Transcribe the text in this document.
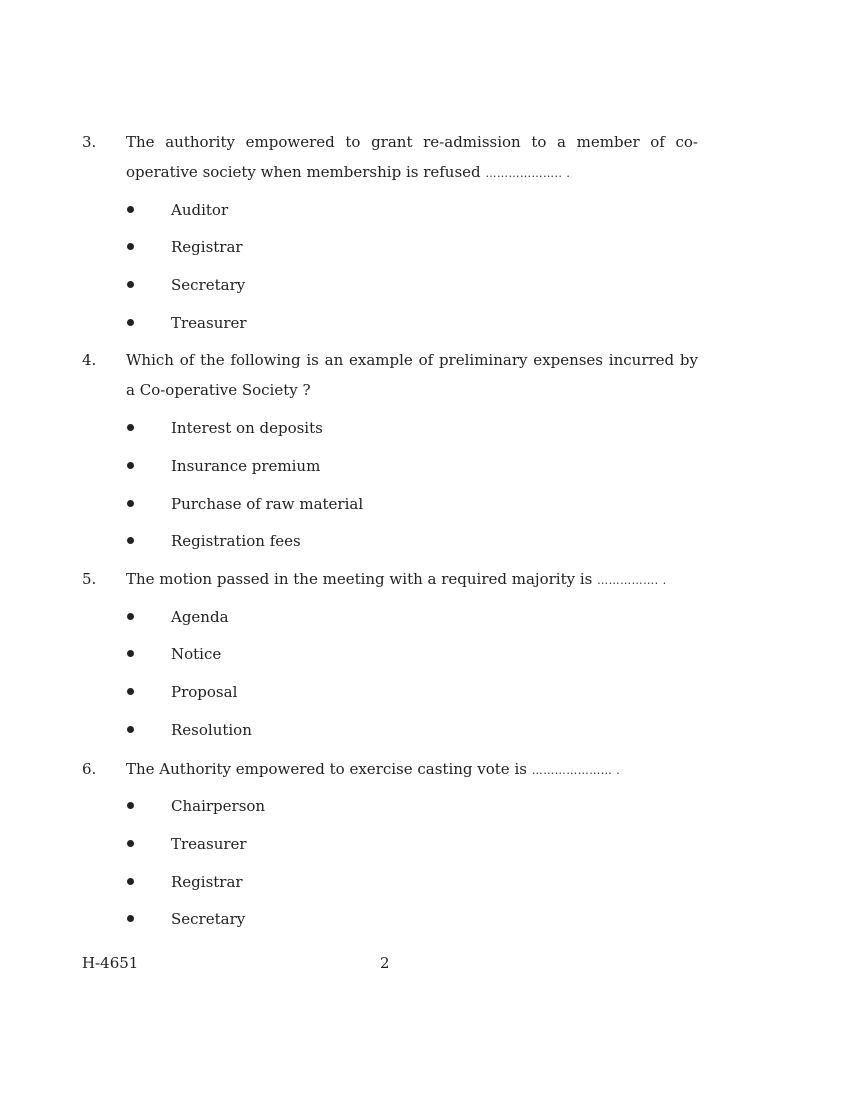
3. The authority empowered to grant re-admission to a member of co-operative society when membership is refused ……………….. .
Auditor
Registrar
Secretary
Treasurer
4. Which of the following is an example of preliminary expenses incurred by a Co-operative Society ?
Interest on deposits
Insurance premium
Purchase of raw material
Registration fees
5. The motion passed in the meeting with a required majority is ……………. .
Agenda
Notice
Proposal
Resolution
6. The Authority empowered to exercise casting vote is ………………… .
Chairperson
Treasurer
Registrar
Secretary
H-4651	2
